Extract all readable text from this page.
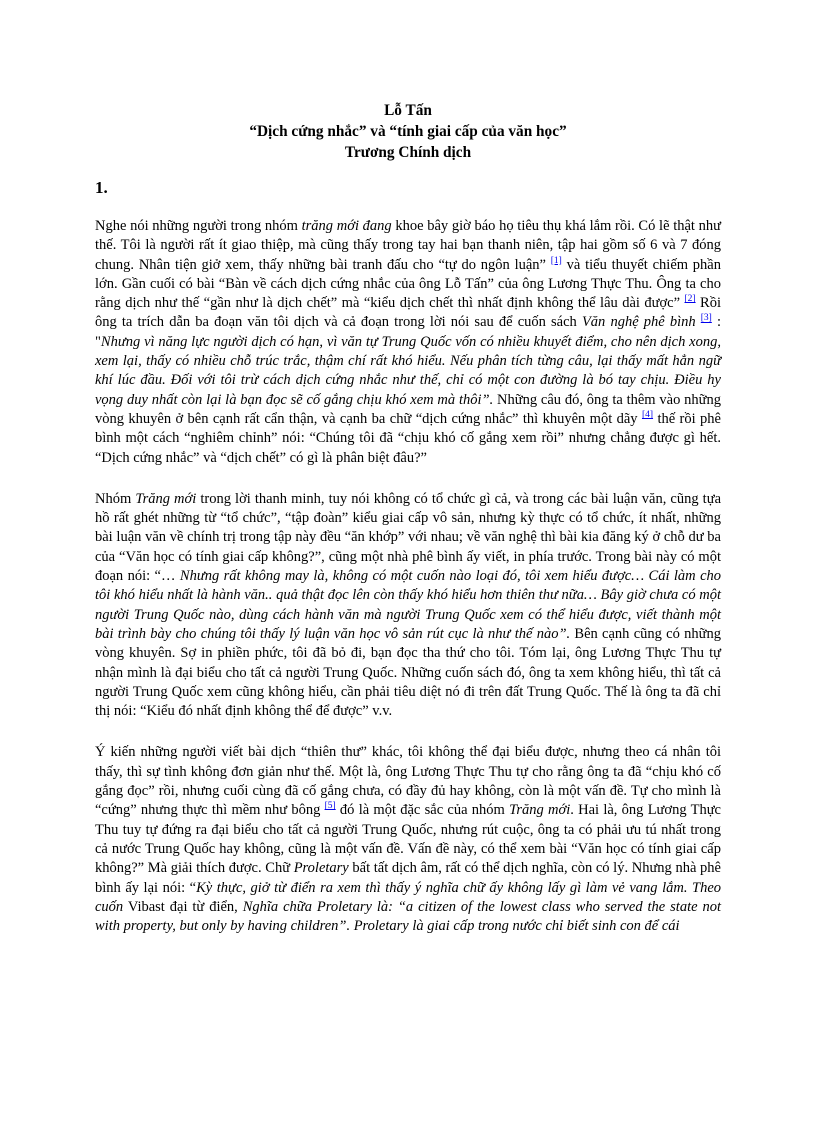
Lỗ Tấn
“Dịch cứng nhắc” và “tính giai cấp của văn học”
Trương Chính dịch
1.

Nghe nói những người trong nhóm trăng mới đang khoe bây giờ báo họ tiêu thụ khá lắm rồi. Có lẽ thật như thế. Tôi là người rất ít giao thiệp, mà cũng thấy trong tay hai bạn thanh niên, tập hai gồm số 6 và 7 đóng chung. Nhân tiện giở xem, thấy những bài tranh đấu cho “tự do ngôn luận” [1] và tiểu thuyết chiếm phần lớn. Gần cuối có bài “Bàn về cách dịch cứng nhắc của ông Lỗ Tấn” của ông Lương Thực Thu. Ông ta cho rằng dịch như thế “gần như là dịch chết” mà “kiểu dịch chết thì nhất định không thể lâu dài được” [2] Rồi ông ta trích dẫn ba đoạn văn tôi dịch và cả đoạn trong lời nói sau để cuốn sách Văn nghệ phê bình [3] : "Nhưng vì năng lực người dịch có hạn, vì văn tự Trung Quốc vốn có nhiều khuyết điểm, cho nên dịch xong, xem lại, thấy có nhiều chỗ trúc trắc, thậm chí rất khó hiểu. Nếu phân tích từng câu, lại thấy mất hẳn ngữ khí lúc đầu. Đối với tôi trừ cách dịch cứng nhắc như thế, chỉ có một con đường là bó tay chịu. Điều hy vọng duy nhất còn lại là bạn đọc sẽ cố gắng chịu khó xem mà thôi”. Những câu đó, ông ta thêm vào những vòng khuyên ở bên cạnh rất cẩn thận, và cạnh ba chữ “dịch cứng nhắc” thì khuyên một dãy [4] thế rồi phê bình một cách “nghiêm chỉnh” nói: “Chúng tôi đã “chịu khó cố gắng xem rồi” nhưng chẳng được gì hết. “Dịch cứng nhắc” và “dịch chết” có gì là phân biệt đâu?”

Nhóm Trăng mới trong lời thanh minh, tuy nói không có tổ chức gì cả, và trong các bài luận văn, cũng tựa hồ rất ghét những từ “tổ chức”, “tập đoàn” kiểu giai cấp vô sản, nhưng kỳ thực có tổ chức, ít nhất, những bài luận văn về chính trị trong tập này đều “ăn khớp” với nhau; về văn nghệ thì bài kia đăng ký ở chỗ dư ba của “Văn học có tính giai cấp không?”, cũng một nhà phê bình ấy viết, in phía trước. Trong bài này có một đoạn nói: “… Nhưng rất không may là, không có một cuốn nào loại đó, tôi xem hiểu được… Cái làm cho tôi khó hiểu nhất là hành văn.. quả thật đọc lên còn thấy khó hiểu hơn thiên thư nữa… Bây giờ chưa có một người Trung Quốc nào, dùng cách hành văn mà người Trung Quốc xem có thể hiểu được, viết thành một bài trình bày cho chúng tôi thấy lý luận văn học vô sản rút cục là như thế nào”. Bên cạnh cũng có những vòng khuyên. Sợ in phiền phức, tôi đã bỏ đi, bạn đọc tha thứ cho tôi. Tóm lại, ông Lương Thực Thu tự nhận mình là đại biểu cho tất cả người Trung Quốc. Những cuốn sách đó, ông ta xem không hiểu, thì tất cả người Trung Quốc xem cũng không hiểu, cần phải tiêu diệt nó đi trên đất Trung Quốc. Thế là ông ta đã chỉ thị nói: “Kiểu đó nhất định không thể để được” v.v.

Ý kiến những người viết bài dịch “thiên thư” khác, tôi không thể đại biểu được, nhưng theo cá nhân tôi thấy, thì sự tình không đơn giản như thế. Một là, ông Lương Thực Thu tự cho rằng ông ta đã “chịu khó cố gắng đọc” rồi, nhưng cuối cùng đã cố gắng chưa, có đầy đủ hay không, còn là một vấn đề. Tự cho mình là “cứng” nhưng thực thì mềm như bông [5] đó là một đặc sắc của nhóm Trăng mới. Hai là, ông Lương Thực Thu tuy tự đứng ra đại biểu cho tất cả người Trung Quốc, nhưng rút cuộc, ông ta có phải ưu tú nhất trong cả nước Trung Quốc hay không, cũng là một vấn đề. Vấn đề này, có thể xem bài “Văn học có tính giai cấp không?” Mà giải thích được. Chữ Proletary bất tất dịch âm, rất có thể dịch nghĩa, còn có lý. Nhưng nhà phê bình ấy lại nói: “Kỳ thực, giở từ điển ra xem thì thấy ý nghĩa chữ ấy không lấy gì làm vẻ vang lắm. Theo cuốn Vibast đại từ điển, Nghĩa chữa Proletary là: “a citizen of the lowest class who served the state not with property, but only by having children”. Proletary là giai cấp trong nước chỉ biết sinh con để cái
